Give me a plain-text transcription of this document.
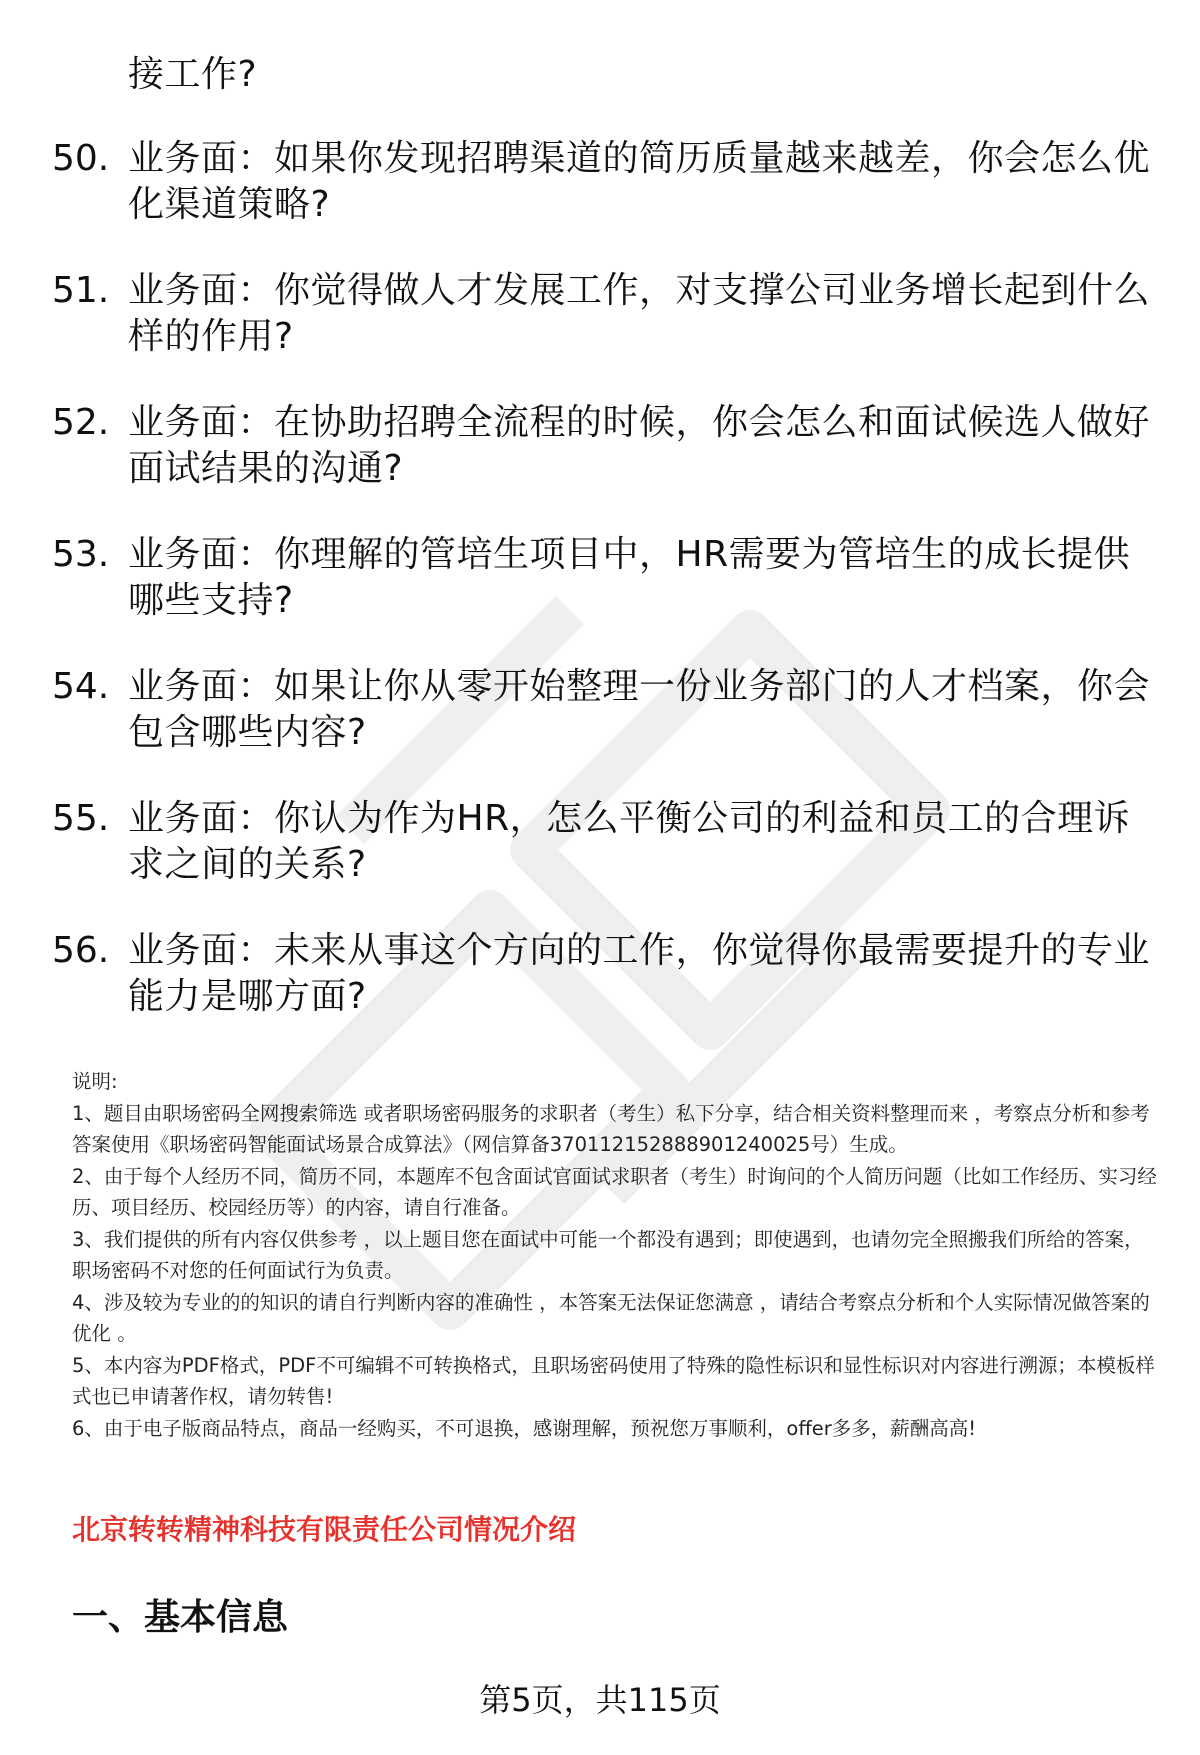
接工作?
50. 业务面：如果你发现招聘渠道的简历质量越来越差，你会怎么优化渠道策略?
51. 业务面：你觉得做人才发展工作，对支撑公司业务增长起到什么样的作用?
52. 业务面：在协助招聘全流程的时候，你会怎么和面试候选人做好面试结果的沟通?
53. 业务面：你理解的管培生项目中，HR需要为管培生的成长提供哪些支持?
54. 业务面：如果让你从零开始整理一份业务部门的人才档案，你会包含哪些内容?
55. 业务面：你认为作为HR，怎么平衡公司的利益和员工的合理诉求之间的关系?
56. 业务面：未来从事这个方向的工作，你觉得你最需要提升的专业能力是哪方面?

说明:

1、题目由职场密码全网搜索筛选 或者职场密码服务的求职者（考生）私下分享，结合相关资料整理而来 ，考察点分析和参考答案使用《职场密码智能面试场景合成算法》（网信算备370112152888901240025号）生成。

2、由于每个人经历不同，简历不同，本题库不包含面试官面试求职者（考生）时询问的个人简历问题（比如工作经历、实习经历、项目经历、校园经历等）的内容，请自行准备。

3、我们提供的所有内容仅供参考 ，以上题目您在面试中可能一个都没有遇到；即使遇到，也请勿完全照搬我们所给的答案，职场密码不对您的任何面试行为负责。

4、涉及较为专业的的知识的请自行判断内容的准确性 ，本答案无法保证您满意 ，请结合考察点分析和个人实际情况做答案的优化 。

5、本内容为PDF格式，PDF不可编辑不可转换格式，且职场密码使用了特殊的隐性标识和显性标识对内容进行溯源；本模板样式也已申请著作权，请勿转售!

6、由于电子版商品特点，商品一经购买，不可退换，感谢理解，预祝您万事顺利，offer多多，薪酬高高!

北京转转精神科技有限责任公司情况介绍
一、基本信息
第5页，共115页
